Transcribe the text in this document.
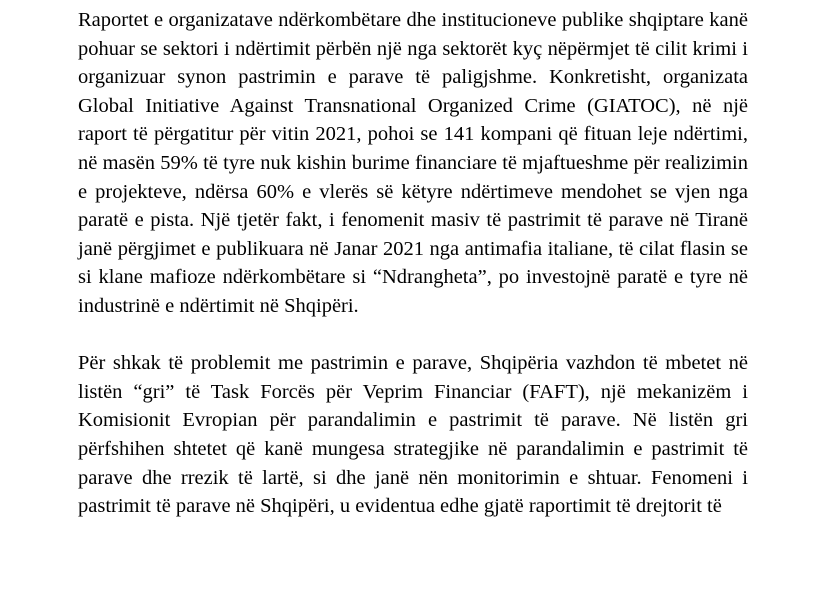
Raportet e organizatave ndërkombëtare dhe institucioneve publike shqiptare kanë pohuar se sektori i ndërtimit përbën një nga sektorët kyç nëpërmjet të cilit krimi i organizuar synon pastrimin e parave të paligjshme. Konkretisht, organizata Global Initiative Against Transnational Organized Crime (GIATOC), në një raport të përgatitur për vitin 2021, pohoi se 141 kompani që fituan leje ndërtimi, në masën 59% të tyre nuk kishin burime financiare të mjaftueshme për realizimin e projekteve, ndërsa 60% e vlerës së këtyre ndërtimeve mendohet se vjen nga paratë e pista. Një tjetër fakt, i fenomenit masiv të pastrimit të parave në Tiranë janë përgjimet e publikuara në Janar 2021 nga antimafia italiane, të cilat flasin se si klane mafioze ndërkombëtare si “Ndrangheta”, po investojnë paratë e tyre në industrinë e ndërtimit në Shqipëri.

Për shkak të problemit me pastrimin e parave, Shqipëria vazhdon të mbetet në listën “gri” të Task Forcës për Veprim Financiar (FAFT), një mekanizëm i Komisionit Evropian për parandalimin e pastrimit të parave. Në listën gri përfshihen shtetet që kanë mungesa strategjike në parandalimin e pastrimit të parave dhe rrezik të lartë, si dhe janë nën monitorimin e shtuar. Fenomeni i pastrimit të parave në Shqipëri, u evidentua edhe gjatë raportimit të drejtorit të
